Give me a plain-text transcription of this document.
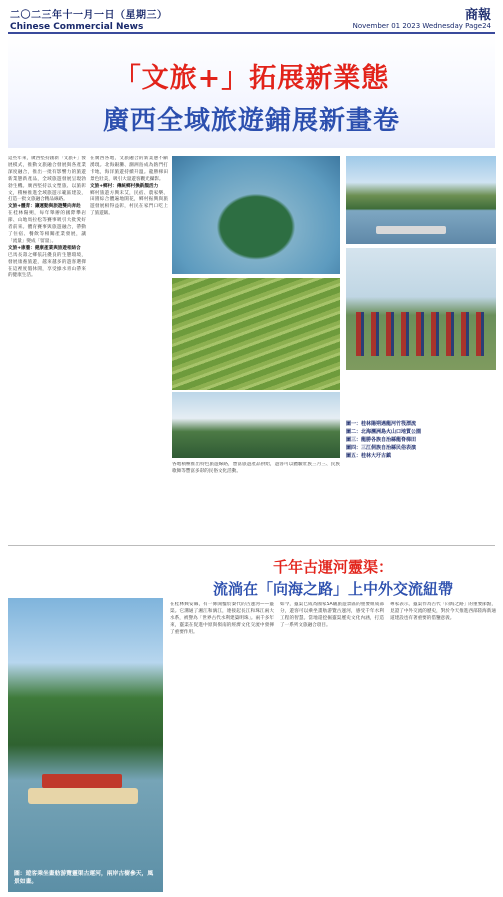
二〇二三年十一月一日（星期三）	商報
Chinese Commercial News	November 01 2023 Wednesday Page24
「文旅+」拓展新業態
廣西全域旅遊鋪展新畫卷
這些年來，廣西堅持創新「文旅+」發展模式，推動文旅融合發展與各產業深度融合，推出一批有影響力的旅遊新業態新產品，全域旅遊發展呈現勃勃生機。廣西堅持以文塑旅、以旅彰文，積極推進全域旅遊示範區建設，打造一批文旅融合精品線路。
文旅+體育：讓運動與旅遊雙向奔赴
在桂林陽朔，每年舉辦的國際攀岩節、山地馬拉松等賽事吸引大批愛好者前來。體育賽事與旅遊融合，帶動了住宿、餐飲等相關產業發展，讓「流量」變成「留量」。
文旅+康養：健康產業與旅遊相結合
巴馬長壽之鄉依託優良的生態環境，發展康養旅遊，越來越多的遊客選擇在這裡度假休閒，享受綠水青山帶來的健康生活。
在廣西各地，文旅融合的新業態不斷湧現。北海銀灘、潿洲島成為熱門打卡地，海洋旅遊持續升溫。龍勝梯田景色壯美，吸引大量遊客觀光攝影。
文旅+鄉村：傳統鄉村換新顏活力
鄉村旅遊方興未艾，民宿、農家樂、田園綜合體遍地開花，鄉村振興與旅遊發展相得益彰，村民在家門口吃上了旅遊飯。
各地積極推出特色旅遊線路，豐富旅遊產品供給，遊客可以體驗壯族三月三、民族歌舞等豐富多彩的民俗文化活動。
圖一：桂林陽朔遇龍河竹筏漂流
圖二：北海潿洲島火山口地質公園
圖三：龍勝各族自治縣龍脊梯田
圖四：三江侗族自治縣民俗表演
圖五：桂林大圩古鎮
千年古運河靈渠：
流淌在「向海之路」上中外交流紐帶
圖：遊客乘坐畫舫游覽靈渠古運河，兩岸古樹參天，風景如畫。
在桂林興安縣，有一條開鑿於秦代的古運河——靈渠。它溝通了湘江和漓江，連接起長江和珠江兩大水系，被譽為「世界古代水利建築明珠」。兩千多年來，靈渠在促進中原與嶺南的經濟文化交流中發揮了重要作用。
如今，靈渠已成為國家5A級旅遊景區的重要組成部分，遊客可以乘坐畫舫游覽古運河，感受千年水利工程的智慧。當地還挖掘靈渠歷史文化內涵，打造了一系列文旅融合項目。
專家表示，靈渠作為古代「向海之路」的重要節點，見證了中外交流的歷史，對於今天推進西部陸海新通道建設也有著重要的借鑒意義。
